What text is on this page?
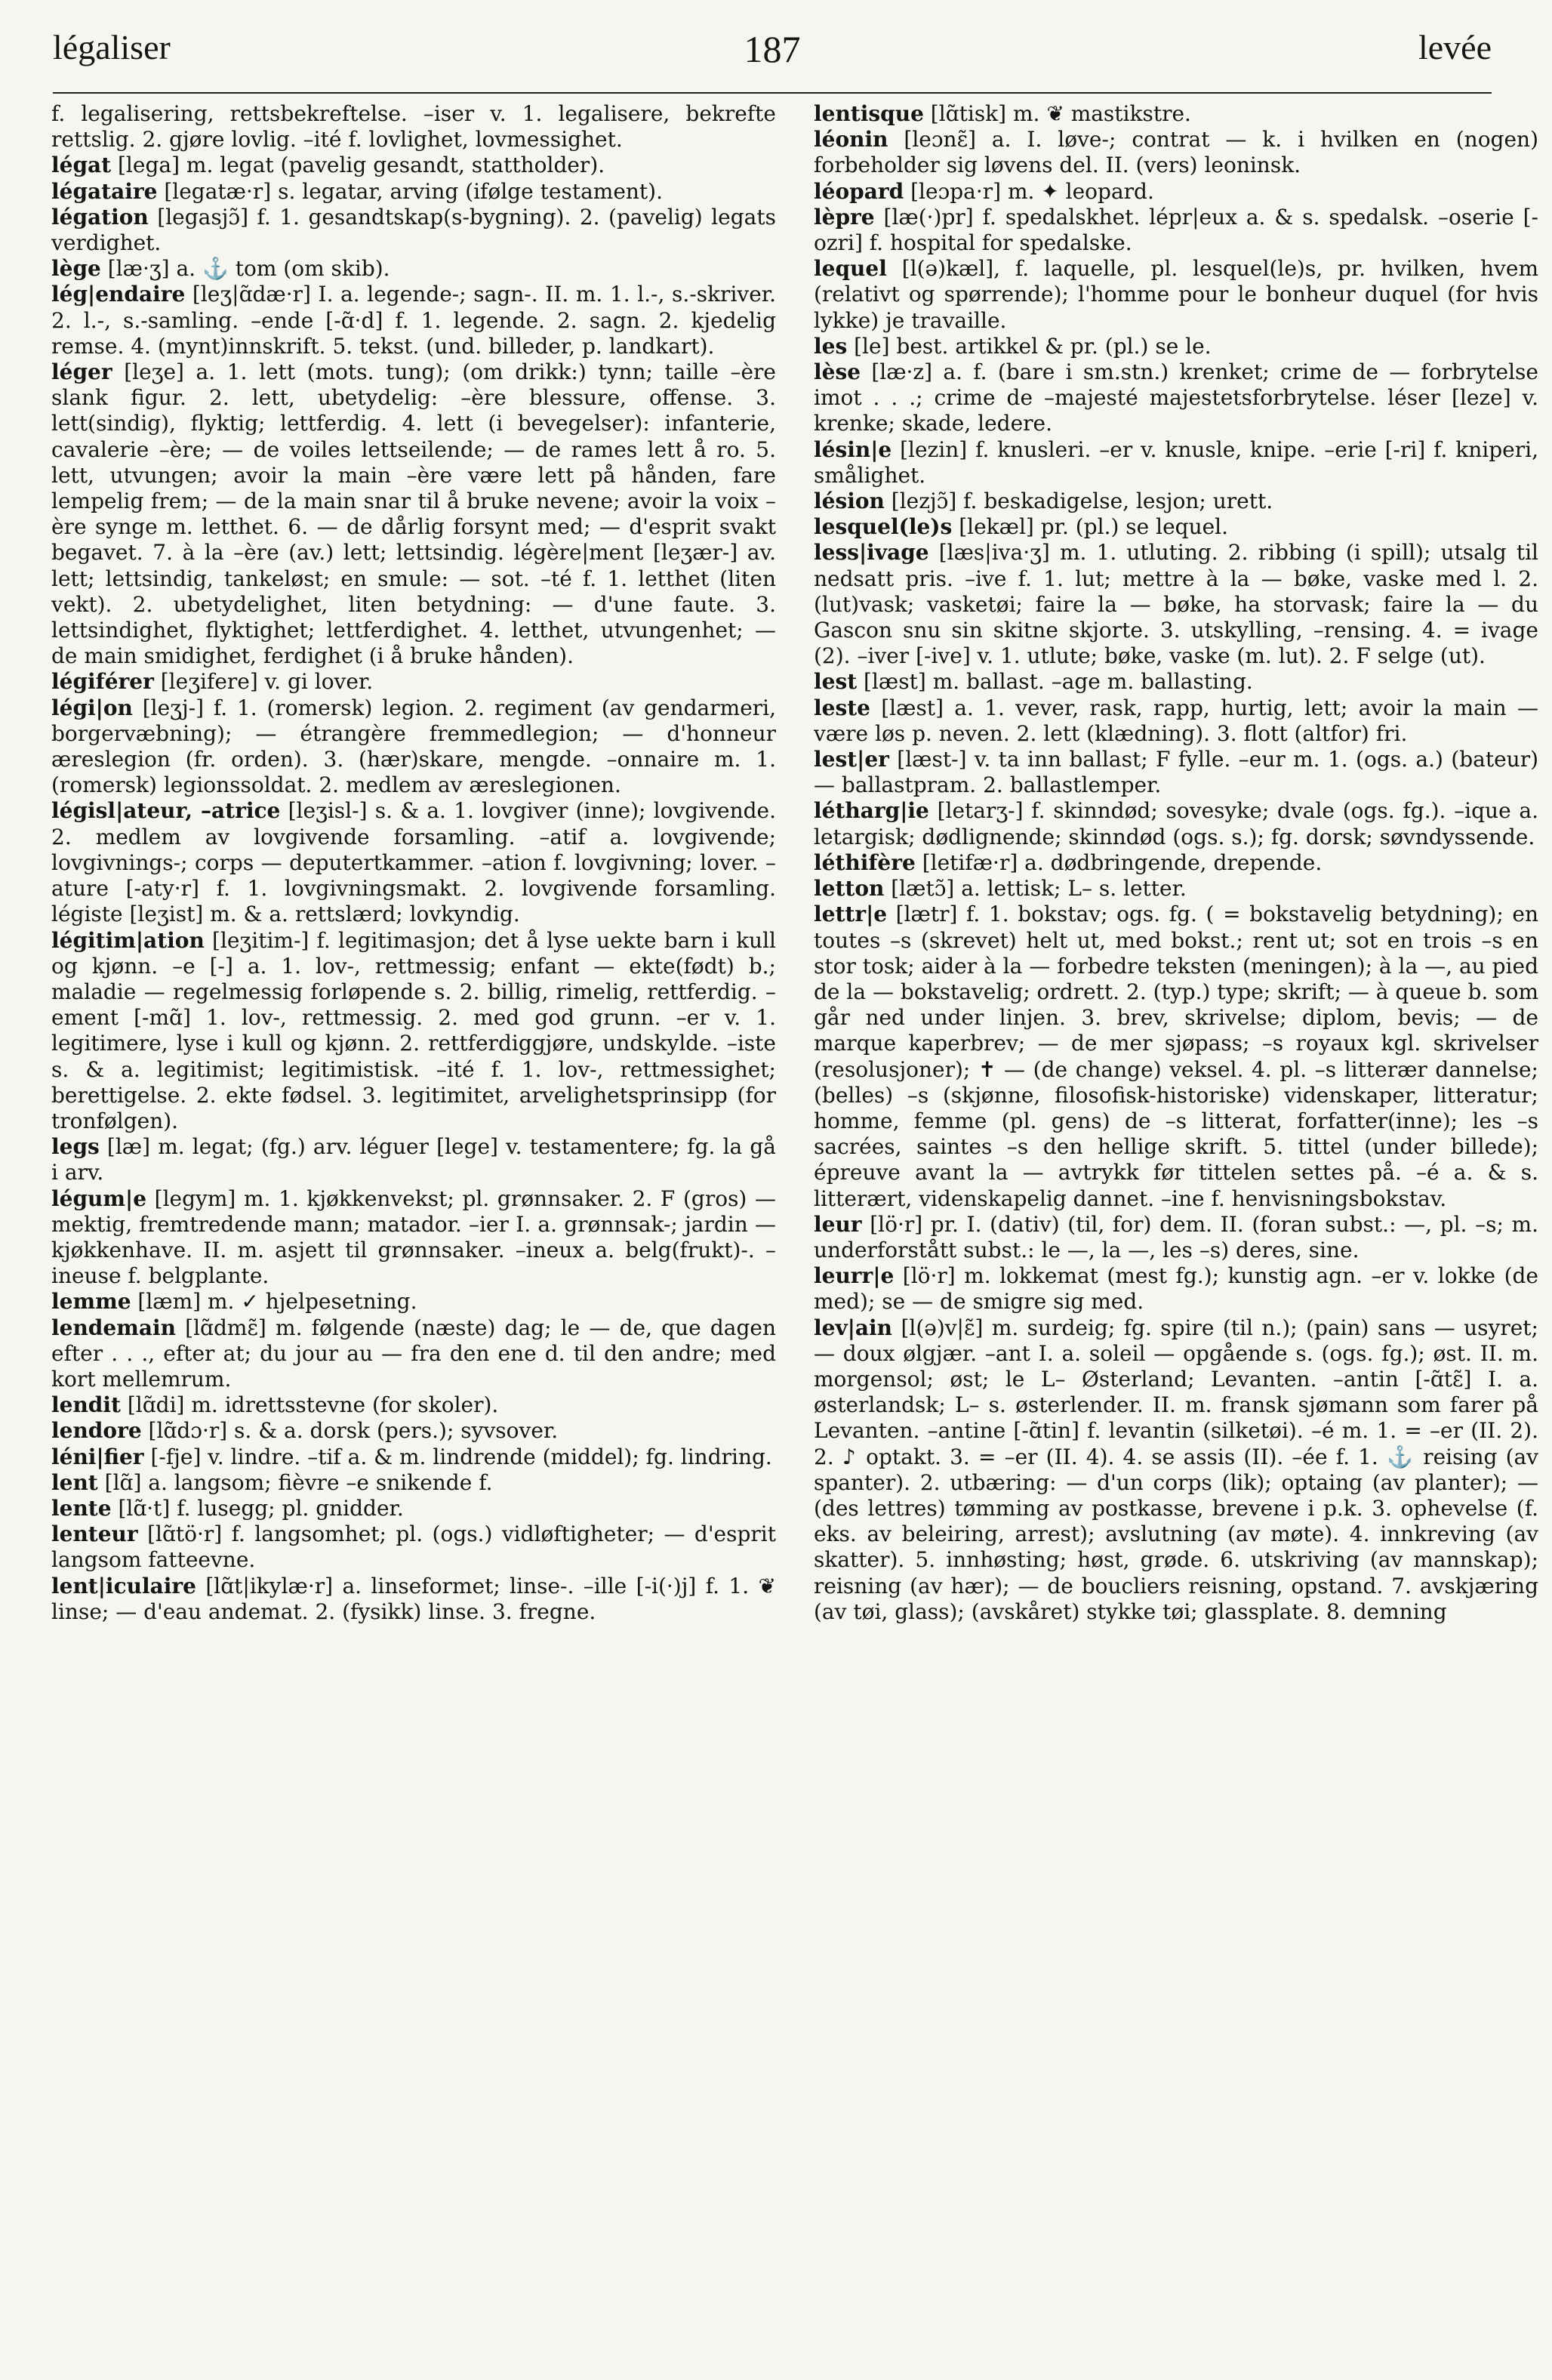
légaliser	187	levée

f. legalisering, rettsbekreftelse. –iser v. 1. legalisere, bekrefte rettslig. 2. gjøre lovlig. –ité f. lovlighet, lovmessighet.

légat [lega] m. legat (pavelig gesandt, stattholder).

légataire [legatæ·r] s. legatar, arving (ifølge testament).

légation [legasjɔ̃] f. 1. gesandtskap(s-bygning). 2. (pavelig) legats verdighet.

lège [læ·ʒ] a. ⚓ tom (om skib).

lég|endaire [leʒ|ɑ̃dæ·r] I. a. legende-; sagn-. II. m. 1. l.-, s.-skriver. 2. l.-, s.-samling. –ende [-ɑ̃·d] f. 1. legende. 2. sagn. 2. kjedelig remse. 4. (mynt)innskrift. 5. tekst. (und. billeder, p. landkart).

léger [leʒe] a. 1. lett (mots. tung); (om drikk:) tynn; taille –ère slank figur. 2. lett, ubetydelig: –ère blessure, offense. 3. lett(sindig), flyktig; lettferdig. 4. lett (i bevegelser): infanterie, cavalerie –ère; — de voiles lettseilende; — de rames lett å ro. 5. lett, utvungen; avoir la main –ère være lett på hånden, fare lempelig frem; — de la main snar til å bruke nevene; avoir la voix –ère synge m. letthet. 6. — de dårlig forsynt med; — d'esprit svakt begavet. 7. à la –ère (av.) lett; lettsindig. légère|ment [leʒær-] av. lett; lettsindig, tankeløst; en smule: — sot. –té f. 1. letthet (liten vekt). 2. ubetydelighet, liten betydning: — d'une faute. 3. lettsindighet, flyktighet; lettferdighet. 4. letthet, utvungenhet; — de main smidighet, ferdighet (i å bruke hånden).

légiférer [leʒifere] v. gi lover.

légi|on [leʒj-] f. 1. (romersk) legion. 2. regiment (av gendarmeri, borgervæbning); — étrangère fremmedlegion; — d'honneur æreslegion (fr. orden). 3. (hær)skare, mengde. –onnaire m. 1. (romersk) legionssoldat. 2. medlem av æreslegionen.

législ|ateur, –atrice [leʒisl-] s. & a. 1. lovgiver (inne); lovgivende. 2. medlem av lovgivende forsamling. –atif a. lovgivende; lovgivnings-; corps — deputertkammer. –ation f. lovgivning; lover. –ature [-aty·r] f. 1. lovgivningsmakt. 2. lovgivende forsamling. légiste [leʒist] m. & a. rettslærd; lovkyndig.

légitim|ation [leʒitim-] f. legitimasjon; det å lyse uekte barn i kull og kjønn. –e [-] a. 1. lov-, rettmessig; enfant — ekte(født) b.; maladie — regelmessig forløpende s. 2. billig, rimelig, rettferdig. –ement [-mɑ̃] 1. lov-, rettmessig. 2. med god grunn. –er v. 1. legitimere, lyse i kull og kjønn. 2. rettferdiggjøre, undskylde. –iste s. & a. legitimist; legitimistisk. –ité f. 1. lov-, rettmessighet; berettigelse. 2. ekte fødsel. 3. legitimitet, arvelighetsprinsipp (for tronfølgen).

legs [læ] m. legat; (fg.) arv. léguer [lege] v. testamentere; fg. la gå i arv.

légum|e [legym] m. 1. kjøkkenvekst; pl. grønnsaker. 2. F (gros) — mektig, fremtredende mann; matador. –ier I. a. grønnsak-; jardin — kjøkkenhave. II. m. asjett til grønnsaker. –ineux a. belg(frukt)-. –ineuse f. belgplante.

lemme [læm] m. ✓ hjelpesetning.

lendemain [lɑ̃dmɛ̃] m. følgende (næste) dag; le — de, que dagen efter . . ., efter at; du jour au — fra den ene d. til den andre; med kort mellemrum.

lendit [lɑ̃di] m. idrettsstevne (for skoler).

lendore [lɑ̃dɔ·r] s. & a. dorsk (pers.); syvsover.

léni|fier [-fje] v. lindre. –tif a. & m. lindrende (middel); fg. lindring.

lent [lɑ̃] a. langsom; fièvre –e snikende f.

lente [lɑ̃·t] f. lusegg; pl. gnidder.

lenteur [lɑ̃tö·r] f. langsomhet; pl. (ogs.) vidløftigheter; — d'esprit langsom fatteevne.

lent|iculaire [lɑ̃t|ikylæ·r] a. linseformet; linse-. –ille [-i(·)j] f. 1. ❦ linse; — d'eau andemat. 2. (fysikk) linse. 3. fregne.

lentisque [lɑ̃tisk] m. ❦ mastikstre.

léonin [leɔnɛ̃] a. I. løve-; contrat — k. i hvilken en (nogen) forbeholder sig løvens del. II. (vers) leoninsk.

léopard [leɔpa·r] m. ✦ leopard.

lèpre [læ(·)pr] f. spedalskhet. lépr|eux a. & s. spedalsk. –oserie [-ozri] f. hospital for spedalske.

lequel [l(ə)kæl], f. laquelle, pl. lesquel(le)s, pr. hvilken, hvem (relativt og spørrende); l'homme pour le bonheur duquel (for hvis lykke) je travaille.

les [le] best. artikkel & pr. (pl.) se le.

lèse [læ·z] a. f. (bare i sm.stn.) krenket; crime de — forbrytelse imot . . .; crime de –majesté majestetsforbrytelse. léser [leze] v. krenke; skade, ledere.

lésin|e [lezin] f. knusleri. –er v. knusle, knipe. –erie [-ri] f. kniperi, smålighet.

lésion [lezjɔ̃] f. beskadigelse, lesjon; urett.

lesquel(le)s [lekæl] pr. (pl.) se lequel.

less|ivage [læs|iva·ʒ] m. 1. utluting. 2. ribbing (i spill); utsalg til nedsatt pris. –ive f. 1. lut; mettre à la — bøke, vaske med l. 2. (lut)vask; vasketøi; faire la — bøke, ha storvask; faire la — du Gascon snu sin skitne skjorte. 3. utskylling, –rensing. 4. = ivage (2). –iver [-ive] v. 1. utlute; bøke, vaske (m. lut). 2. F selge (ut).

lest [læst] m. ballast. –age m. ballasting.

leste [læst] a. 1. vever, rask, rapp, hurtig, lett; avoir la main — være løs p. neven. 2. lett (klædning). 3. flott (altfor) fri.

lest|er [læst-] v. ta inn ballast; F fylle. –eur m. 1. (ogs. a.) (bateur) — ballastpram. 2. ballastlemper.

létharg|ie [letarʒ-] f. skinndød; sovesyke; dvale (ogs. fg.). –ique a. letargisk; dødlignende; skinndød (ogs. s.); fg. dorsk; søvndyssende.

léthifère [letifæ·r] a. dødbringende, drepende.

letton [lætɔ̃] a. lettisk; L– s. letter.

lettr|e [lætr] f. 1. bokstav; ogs. fg. ( = bokstavelig betydning); en toutes –s (skrevet) helt ut, med bokst.; rent ut; sot en trois –s en stor tosk; aider à la — forbedre teksten (meningen); à la —, au pied de la — bokstavelig; ordrett. 2. (typ.) type; skrift; — à queue b. som går ned under linjen. 3. brev, skrivelse; diplom, bevis; — de marque kaperbrev; — de mer sjøpass; –s royaux kgl. skrivelser (resolusjoner); ✝ — (de change) veksel. 4. pl. –s litterær dannelse; (belles) –s (skjønne, filosofisk-historiske) videnskaper, litteratur; homme, femme (pl. gens) de –s litterat, forfatter(inne); les –s sacrées, saintes –s den hellige skrift. 5. tittel (under billede); épreuve avant la — avtrykk før tittelen settes på. –é a. & s. litterært, videnskapelig dannet. –ine f. henvisningsbokstav.

leur [lö·r] pr. I. (dativ) (til, for) dem. II. (foran subst.: —, pl. –s; m. underforstått subst.: le —, la —, les –s) deres, sine.

leurr|e [lö·r] m. lokkemat (mest fg.); kunstig agn. –er v. lokke (de med); se — de smigre sig med.

lev|ain [l(ə)v|ɛ̃] m. surdeig; fg. spire (til n.); (pain) sans — usyret; — doux ølgjær. –ant I. a. soleil — opgående s. (ogs. fg.); øst. II. m. morgensol; øst; le L– Østerland; Levanten. –antin [-ɑ̃tɛ̃] I. a. østerlandsk; L– s. østerlender. II. m. fransk sjømann som farer på Levanten. –antine [-ɑ̃tin] f. levantin (silketøi). –é m. 1. = –er (II. 2). 2. ♪ optakt. 3. = –er (II. 4). 4. se assis (II). –ée f. 1. ⚓ reising (av spanter). 2. utbæring: — d'un corps (lik); optaing (av planter); — (des lettres) tømming av postkasse, brevene i p.k. 3. ophevelse (f. eks. av beleiring, arrest); avslutning (av møte). 4. innkreving (av skatter). 5. innhøsting; høst, grøde. 6. utskriving (av mannskap); reisning (av hær); — de boucliers reisning, opstand. 7. avskjæring (av tøi, glass); (avskåret) stykke tøi; glassplate. 8. demning
